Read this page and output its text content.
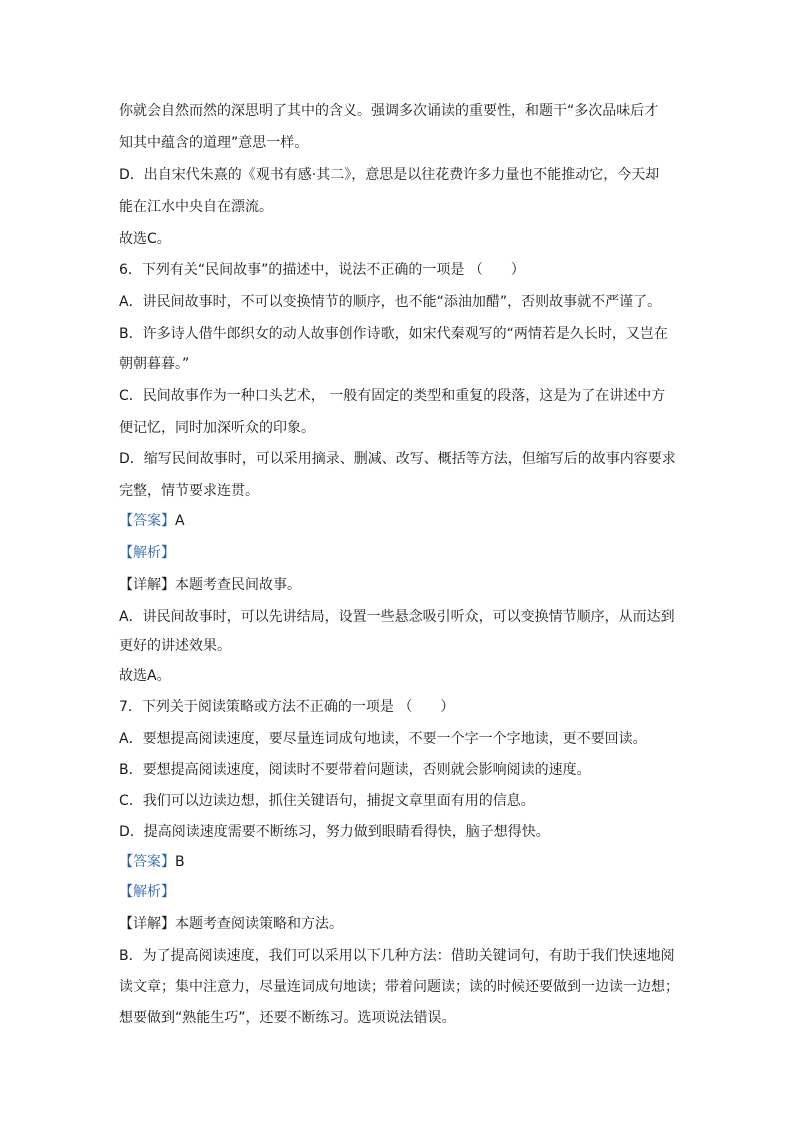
你就会自然而然的深思明了其中的含义。强调多次诵读的重要性，和题干“多次品味后才
知其中蕴含的道理”意思一样。
D．出自宋代朱熹的《观书有感·其二》，意思是以往花费许多力量也不能推动它，今天却
能在江水中央自在漂流。
故选C。
6．下列有关“民间故事”的描述中，说法不正确的一项是 （　　）
A．讲民间故事时，不可以变换情节的顺序，也不能“添油加醋”，否则故事就不严谨了。
B．许多诗人借牛郎织女的动人故事创作诗歌，如宋代秦观写的“两情若是久长时，又岂在
朝朝暮暮。”
C．民间故事作为一种口头艺术， 一般有固定的类型和重复的段落，这是为了在讲述中方
便记忆，同时加深听众的印象。
D．缩写民间故事时，可以采用摘录、删减、改写、概括等方法，但缩写后的故事内容要求
完整，情节要求连贯。
【答案】A
【解析】
【详解】本题考查民间故事。
A．讲民间故事时，可以先讲结局，设置一些悬念吸引听众，可以变换情节顺序，从而达到
更好的讲述效果。
故选A。
7．下列关于阅读策略或方法不正确的一项是 （　　）
A．要想提高阅读速度，要尽量连词成句地读，不要一个字一个字地读，更不要回读。
B．要想提高阅读速度，阅读时不要带着问题读，否则就会影响阅读的速度。
C．我们可以边读边想，抓住关键语句，捕捉文章里面有用的信息。
D．提高阅读速度需要不断练习，努力做到眼睛看得快，脑子想得快。
【答案】B
【解析】
【详解】本题考查阅读策略和方法。
B．为了提高阅读速度，我们可以采用以下几种方法：借助关键词句，有助于我们快速地阅
读文章；集中注意力，尽量连词成句地读；带着问题读；读的时候还要做到一边读一边想；
想要做到“熟能生巧”，还要不断练习。选项说法错误。
